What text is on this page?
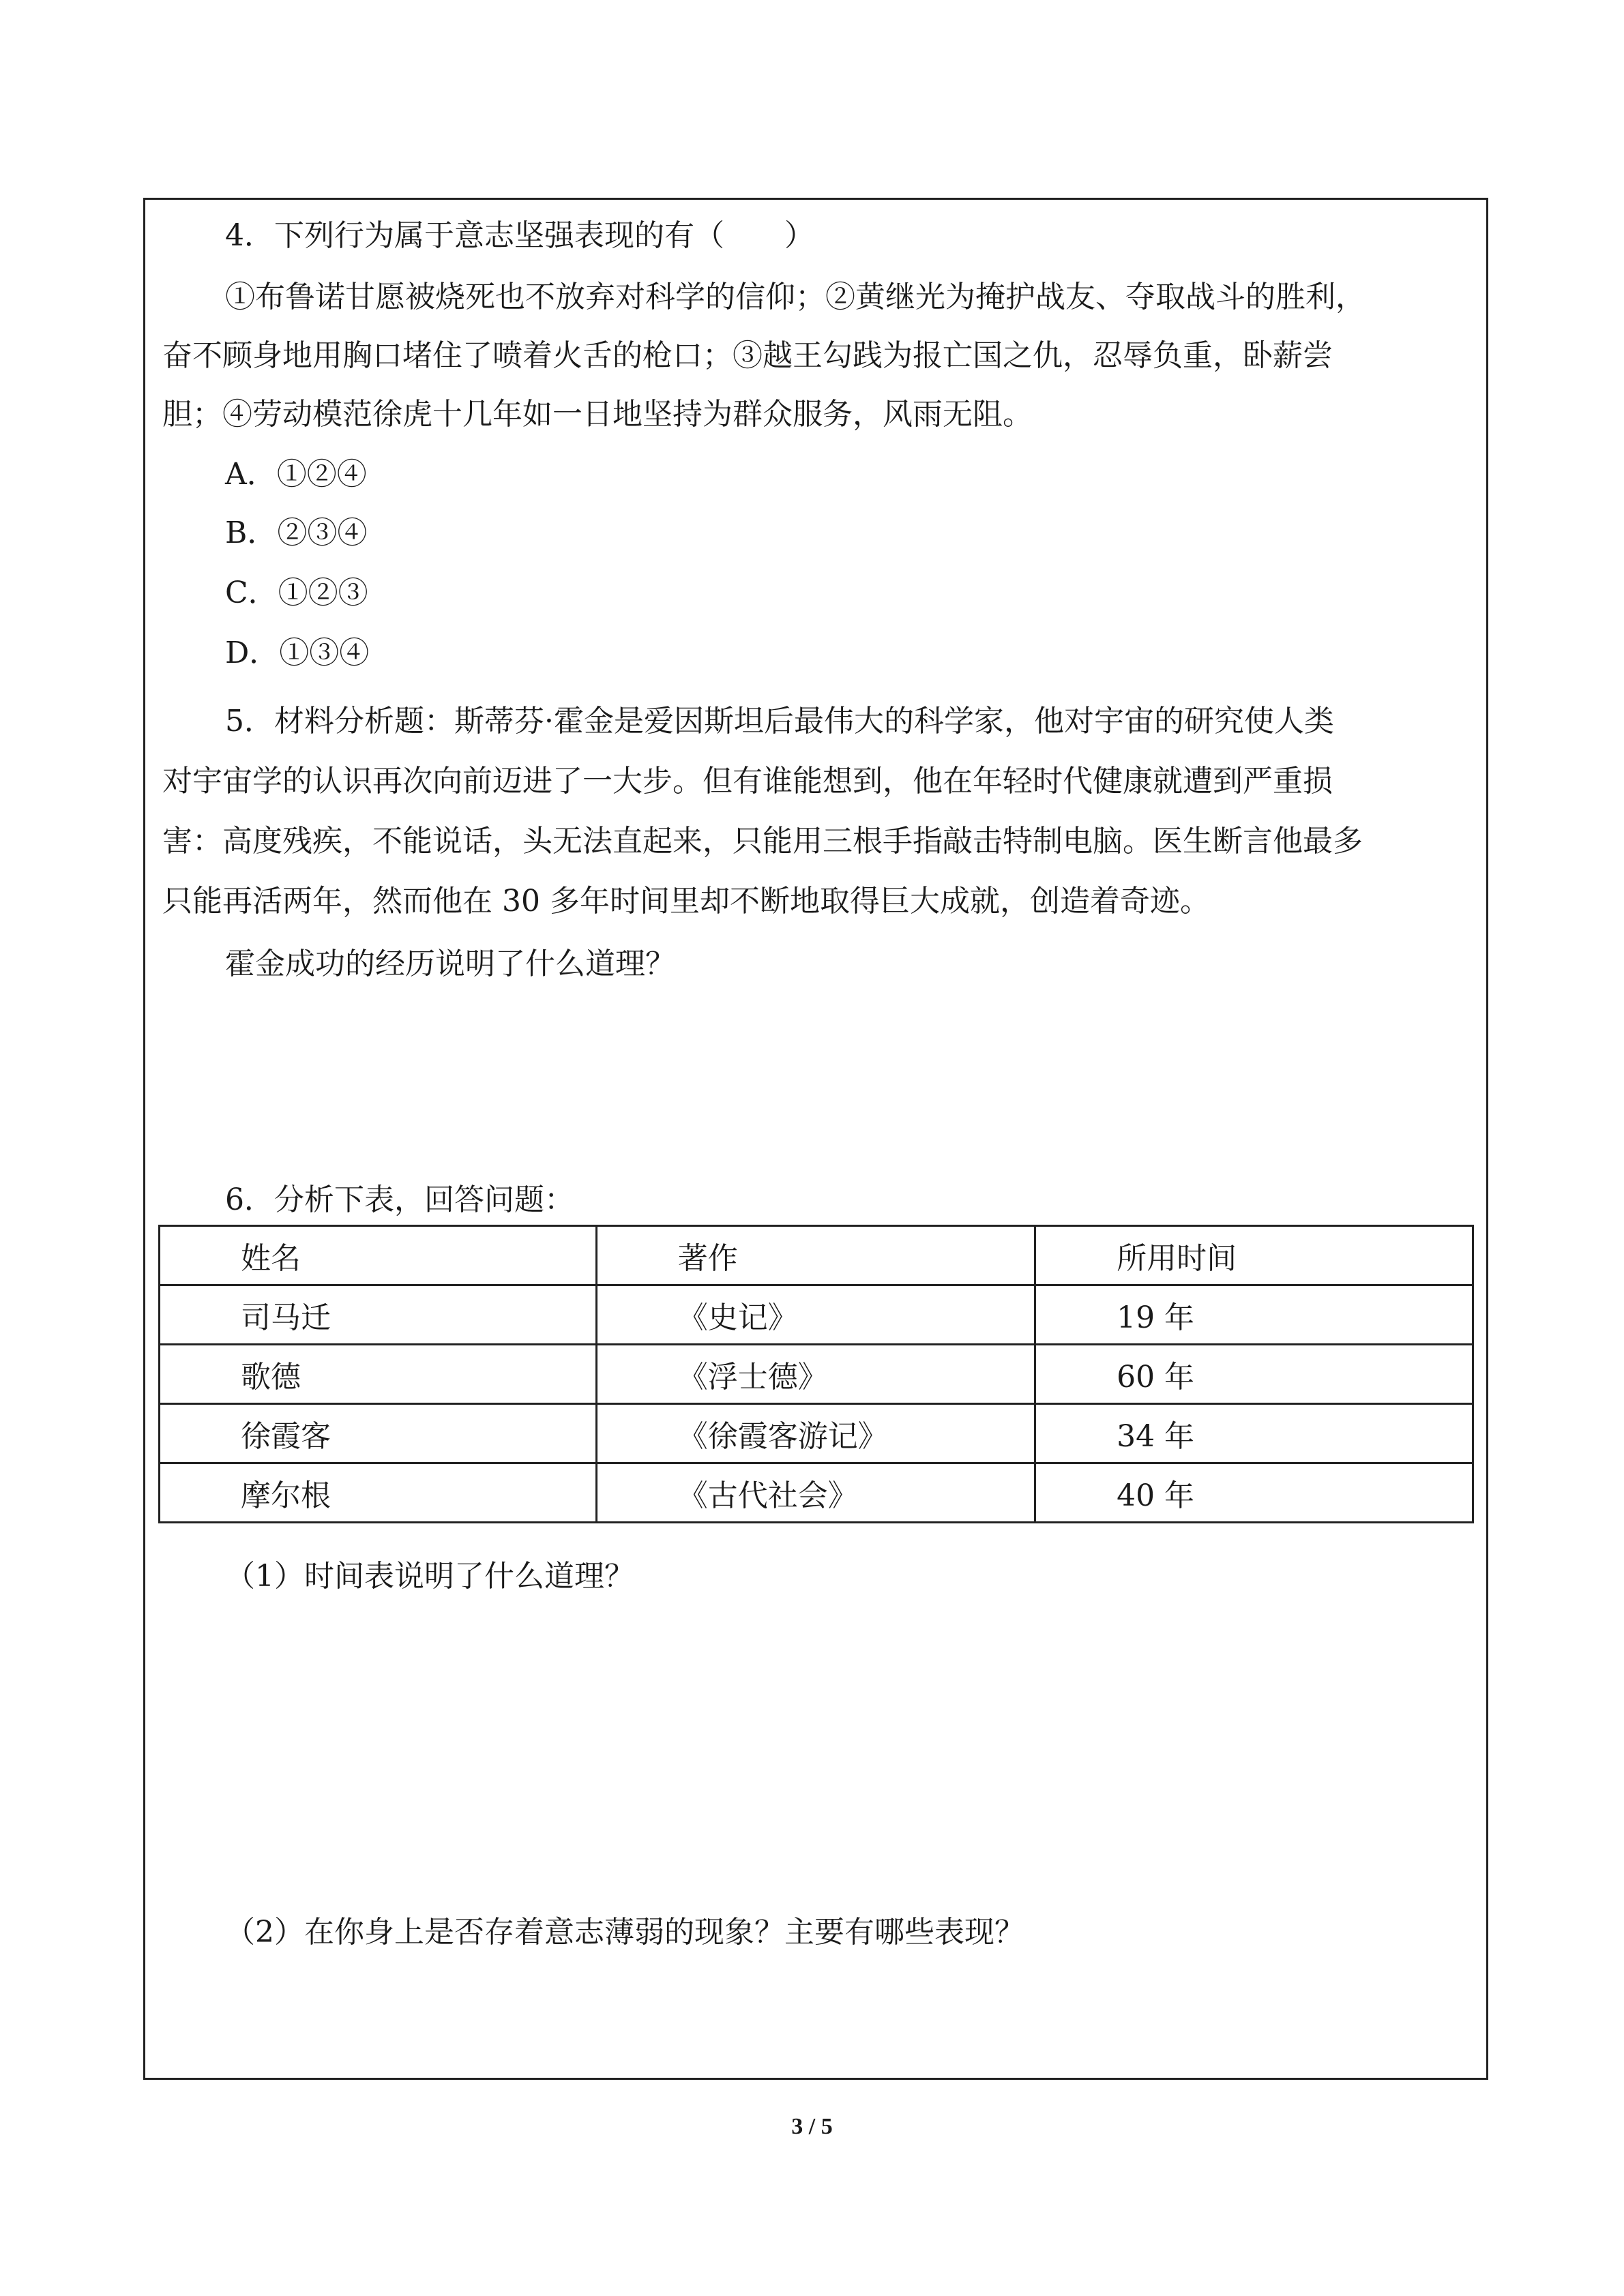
4．下列行为属于意志坚强表现的有（　　）
①布鲁诺甘愿被烧死也不放弃对科学的信仰；②黄继光为掩护战友、夺取战斗的胜利，
奋不顾身地用胸口堵住了喷着火舌的枪口；③越王勾践为报亡国之仇，忍辱负重，卧薪尝
胆；④劳动模范徐虎十几年如一日地坚持为群众服务，风雨无阻。
A．①②④
B．②③④
C．①②③
D．①③④
5．材料分析题：斯蒂芬·霍金是爱因斯坦后最伟大的科学家，他对宇宙的研究使人类
对宇宙学的认识再次向前迈进了一大步。但有谁能想到，他在年轻时代健康就遭到严重损
害：高度残疾，不能说话，头无法直起来，只能用三根手指敲击特制电脑。医生断言他最多
只能再活两年，然而他在 30 多年时间里却不断地取得巨大成就，创造着奇迹。
霍金成功的经历说明了什么道理？
6．分析下表，回答问题：
姓名	著作	所用时间
司马迁	《史记》	19 年
歌德	《浮士德》	60 年
徐霞客	《徐霞客游记》	34 年
摩尔根	《古代社会》	40 年
（1）时间表说明了什么道理？
（2）在你身上是否存着意志薄弱的现象？主要有哪些表现？
3 / 5
